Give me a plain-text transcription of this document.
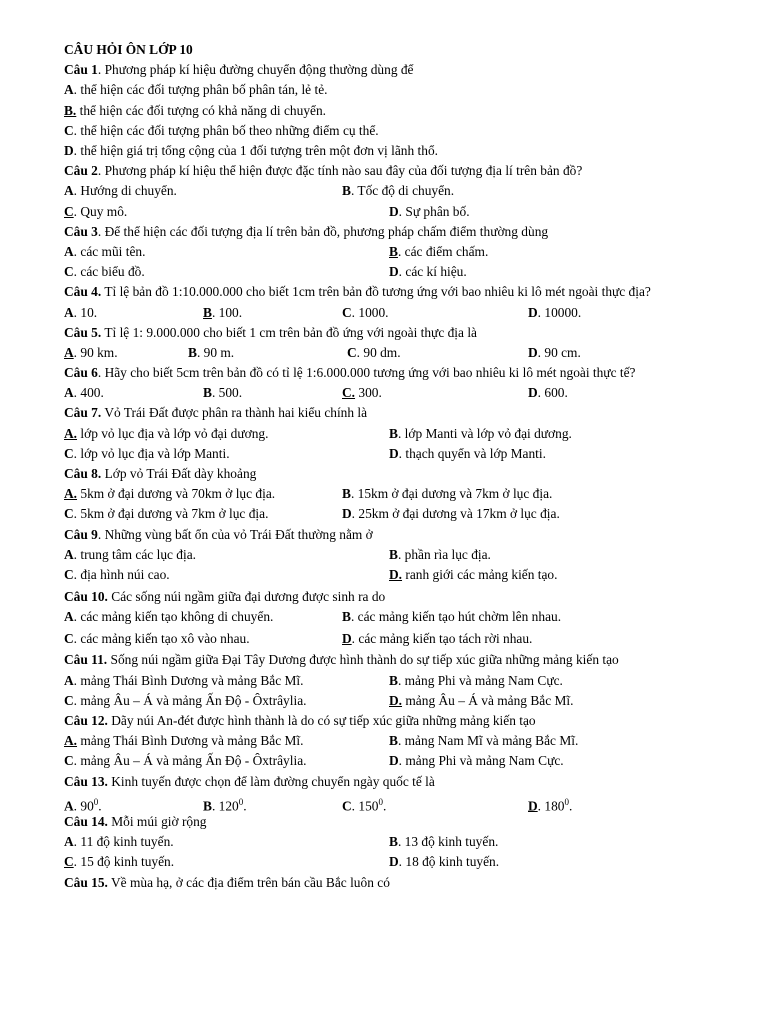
CÂU HỎI ÔN LỚP 10
Câu 1. Phương pháp kí hiệu đường chuyển động thường dùng để
A. thể hiện các đối tượng phân bố phân tán, lẻ tẻ.
B. thể hiện các đối tượng có khả năng di chuyển.
C. thể hiện các đối tượng phân bố theo những điểm cụ thể.
D. thể hiện giá trị tổng cộng của 1 đối tượng trên một đơn vị lãnh thổ.
Câu 2. Phương pháp kí hiệu thể hiện được đặc tính nào sau đây của đối tượng địa lí trên bản đồ?
A. Hướng di chuyển.	B. Tốc độ di chuyển.
C. Quy mô.	D. Sự phân bố.
Câu 3. Để thể hiện các đối tượng địa lí trên bản đồ, phương pháp chấm điểm thường dùng
A. các mũi tên.	B. các điểm chấm.
C. các biểu đồ.	D. các kí hiệu.
Câu 4. Tỉ lệ bản đồ 1:10.000.000 cho biết 1cm trên bản đồ tương ứng với bao nhiêu ki lô mét ngoài thực địa?
A. 10.	B. 100.	C. 1000.	D. 10000.
Câu 5. Tỉ lệ 1: 9.000.000 cho biết 1 cm trên bản đồ ứng với ngoài thực địa là
A. 90 km.	B. 90 m.	C. 90 dm.	D. 90 cm.
Câu 6. Hãy cho biết 5cm trên bản đồ có tỉ lệ 1:6.000.000 tương ứng với bao nhiêu ki lô mét ngoài thực tế?
A. 400.	B. 500.	C. 300.	D. 600.
Câu 7. Vỏ Trái Đất được phân ra thành hai kiểu chính là
A. lớp vỏ lục địa và lớp vỏ đại dương.	B. lớp Manti và lớp vỏ đại dương.
C. lớp vỏ lục địa và lớp Manti.	D. thạch quyển và lớp Manti.
Câu 8. Lớp vỏ Trái Đất dày khoảng
A. 5km ở đại dương và 70km ở lục địa.	B. 15km ở đại dương và 7km ở lục địa.
C. 5km ở đại dương và 7km ở lục địa.	D. 25km ở đại dương và 17km ở lục địa.
Câu 9. Những vùng bất ổn của vỏ Trái Đất thường nằm ở
A. trung tâm các lục địa.	B. phần rìa lục địa.
C. địa hình núi cao.	D. ranh giới các mảng kiến tạo.
Câu 10. Các sống núi ngầm giữa đại dương được sinh ra do
A. các mảng kiến tạo không di chuyển.	B. các mảng kiến tạo hút chờm lên nhau.
C. các mảng kiến tạo xô vào nhau.	D. các mảng kiến tạo tách rời nhau.
Câu 11. Sống núi ngầm giữa Đại Tây Dương được hình thành do sự tiếp xúc giữa những mảng kiến tạo
A. mảng Thái Bình Dương và mảng Bắc Mĩ.	B. mảng Phi và mảng Nam Cực.
C. mảng Âu – Á và mảng Ấn Độ - Ôxtrâylia.	D. mảng Âu – Á và mảng Bắc Mĩ.
Câu 12. Dãy núi An-đét được hình thành là do có sự tiếp xúc giữa những mảng kiến tạo
A. mảng Thái Bình Dương và mảng Bắc Mĩ.	B. mảng Nam Mĩ và mảng Bắc Mĩ.
C. mảng Âu – Á và mảng Ấn Độ - Ôxtrâylia.	D. mảng Phi và mảng Nam Cực.
Câu 13. Kinh tuyến được chọn để làm đường chuyển ngày quốc tế là
A. $90^0$.	B. $120^0$.	C. $150^0$.	D. $180^0$.
Câu 14. Mỗi múi giờ rộng
A. 11 độ kinh tuyến.	B. 13 độ kinh tuyến.
C. 15 độ kinh tuyến.	D. 18 độ kinh tuyến.
Câu 15. Về mùa hạ, ở các địa điểm trên bán cầu Bắc luôn có
